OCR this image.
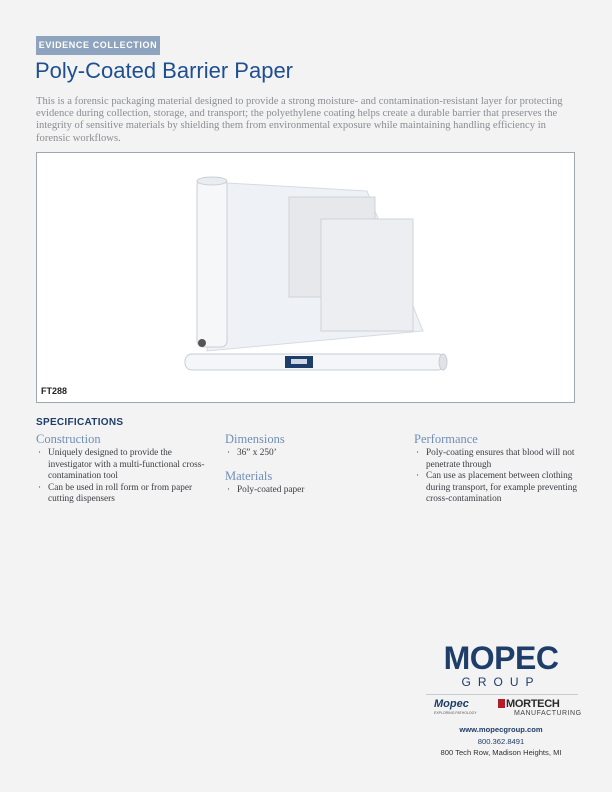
EVIDENCE COLLECTION
Poly-Coated Barrier Paper

This is a forensic packaging material designed to provide a strong moisture- and contamination-resistant layer for protecting evidence during collection, storage, and transport; the polyethylene coating helps create a durable barrier that preserves the integrity of sensitive materials by shielding them from environmental exposure while maintaining handling efficiency in forensic workflows.

FT288
SPECIFICATIONS

Construction

· Uniquely designed to provide the investigator with a multi-functional cross-contamination tool
· Can be used in roll form or from paper cutting dispensers

Dimensions

· 36” x 250’

Materials

· Poly-coated paper

Performance

· Poly-coating ensures that blood will not penetrate through
· Can use as placement between clothing during transport, for example preventing cross-contamination
MOPEC
GROUP
Mopec
EXPLORING PATHOLOGY
MORTECH
MANUFACTURING
www.mopecgroup.com
800.362.8491
800 Tech Row, Madison Heights, MI
